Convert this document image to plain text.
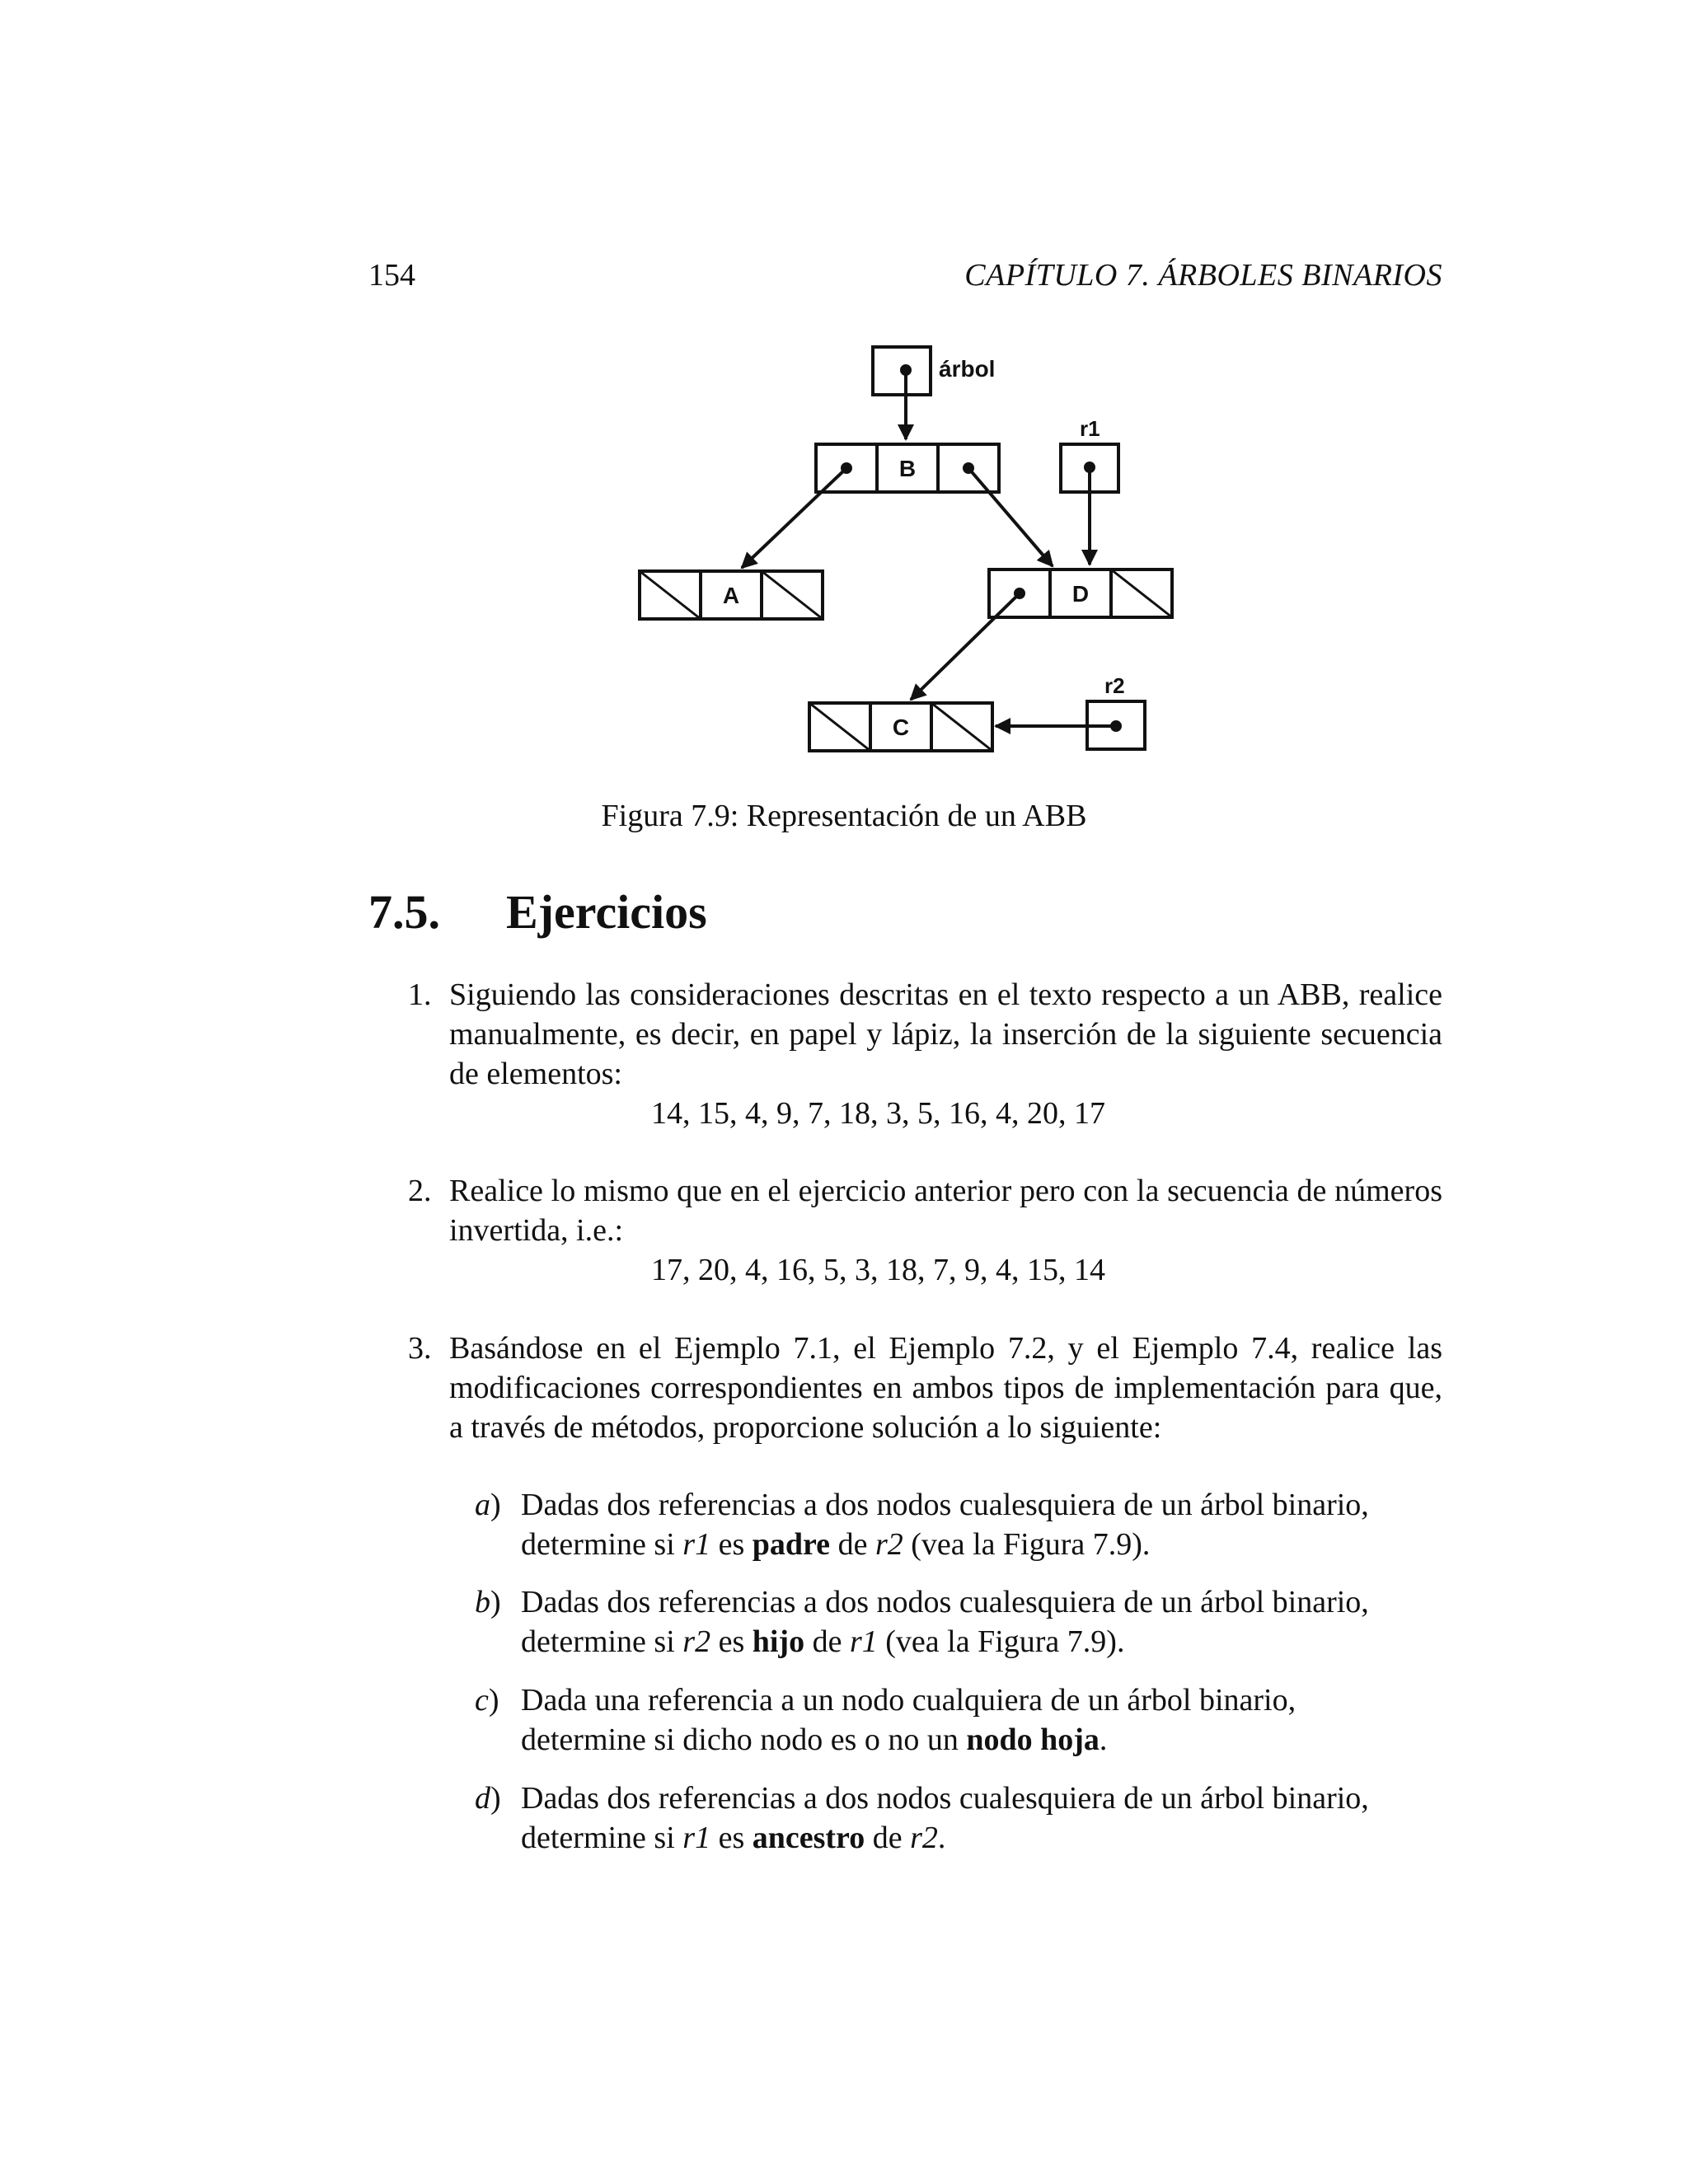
154	CAPÍTULO 7. ÁRBOLES BINARIOS
árbol
r1
r2
B
A	D
C
Figura 7.9: Representación de un ABB
7.5. Ejercicios
1. Siguiendo las consideraciones descritas en el texto respecto a un ABB, realice manualmente, es decir, en papel y lápiz, la inserción de la siguiente secuencia de elementos:
14, 15, 4, 9, 7, 18, 3, 5, 16, 4, 20, 17
2. Realice lo mismo que en el ejercicio anterior pero con la secuencia de números invertida, i.e.:
17, 20, 4, 16, 5, 3, 18, 7, 9, 4, 15, 14
3. Basándose en el Ejemplo 7.1, el Ejemplo 7.2, y el Ejemplo 7.4, realice las modificaciones correspondientes en ambos tipos de implementación para que, a través de métodos, proporcione solución a lo siguiente:
a) Dadas dos referencias a dos nodos cualesquiera de un árbol binario,
determine si r1 es padre de r2 (vea la Figura 7.9).
b) Dadas dos referencias a dos nodos cualesquiera de un árbol binario,
determine si r2 es hijo de r1 (vea la Figura 7.9).
c) Dada una referencia a un nodo cualquiera de un árbol binario,
determine si dicho nodo es o no un nodo hoja.
d) Dadas dos referencias a dos nodos cualesquiera de un árbol binario,
determine si r1 es ancestro de r2.
